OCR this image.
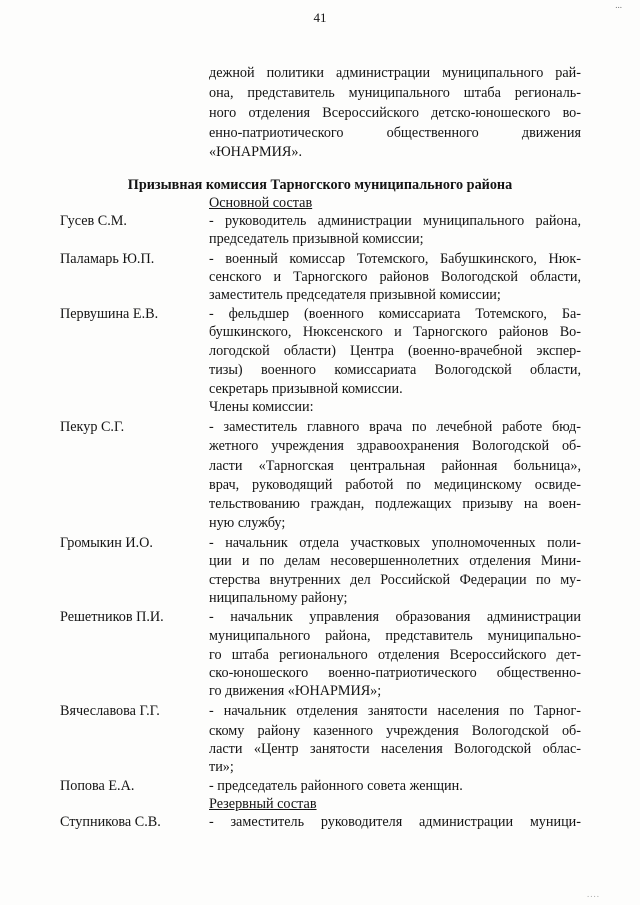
...
41
дежной политики администрации муниципального рай-
она, представитель муниципального штаба региональ-
ного отделения Всероссийского детско-юношеского во-
енно-патриотического общественного движения
«ЮНАРМИЯ».
Призывная комиссия Тарногского муниципального района
Основной состав
Гусев С.М.	- руководитель администрации муниципального района,
председатель призывной комиссии;
Паламарь Ю.П.	- военный комиссар Тотемского, Бабушкинского, Нюк-
сенского и Тарногского районов Вологодской области,
заместитель председателя призывной комиссии;
Первушина Е.В.	- фельдшер (военного комиссариата Тотемского, Ба-
бушкинского, Нюксенского и Тарногского районов Во-
логодской области) Центра (военно-врачебной экспер-
тизы) военного комиссариата Вологодской области,
секретарь призывной комиссии.
Члены комиссии:
Пекур С.Г.	- заместитель главного врача по лечебной работе бюд-
жетного учреждения здравоохранения Вологодской об-
ласти «Тарногская центральная районная больница»,
врач, руководящий работой по медицинскому освиде-
тельствованию граждан, подлежащих призыву на воен-
ную службу;
Громыкин И.О.	- начальник отдела участковых уполномоченных поли-
ции и по делам несовершеннолетних отделения Мини-
стерства внутренних дел Российской Федерации по му-
ниципальному району;
Решетников П.И.	- начальник управления образования администрации
муниципального района, представитель муниципально-
го штаба регионального отделения Всероссийского дет-
ско-юношеского военно-патриотического общественно-
го движения «ЮНАРМИЯ»;
Вячеславова Г.Г.	- начальник отделения занятости населения по Тарног-
скому району казенного учреждения Вологодской об-
ласти «Центр занятости населения Вологодской облас-
ти»;
Попова Е.А.	- председатель районного совета женщин.
Резервный состав
Ступникова С.В.	- заместитель руководителя администрации муници-
....
